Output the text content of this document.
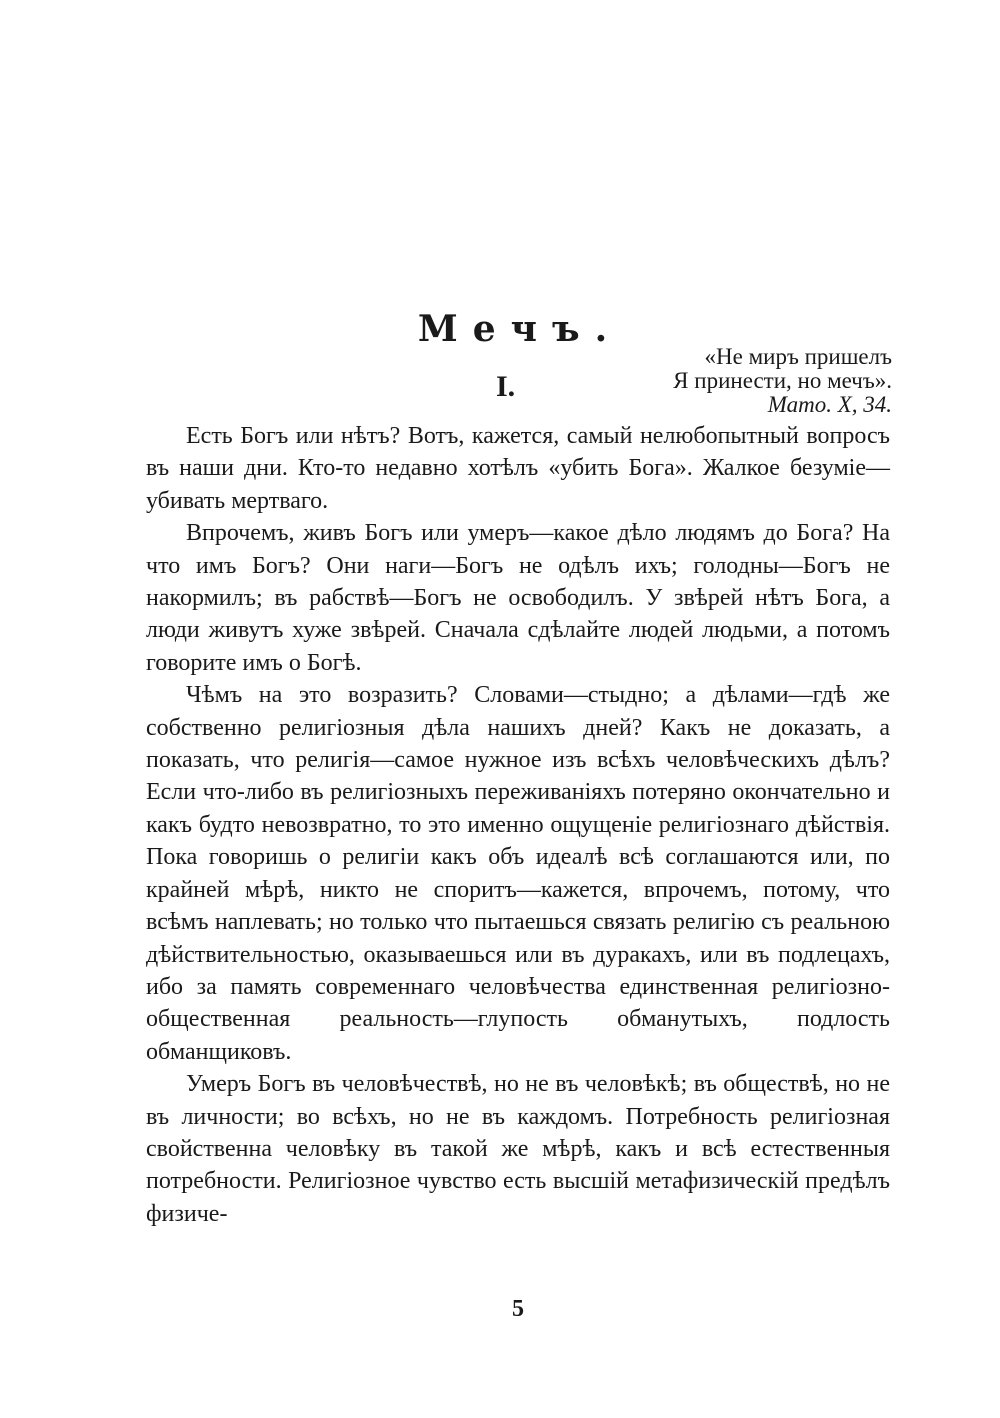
Мечъ.
«Не миръ пришелъ
Я принести, но мечъ».
Мато. X, 34.
I.

Есть Богъ или нѣтъ? Вотъ, кажется, самый нелюбопытный вопросъ въ наши дни. Кто-то недавно хотѣлъ «убить Бога». Жалкое безуміе—убивать мертваго.

Впрочемъ, живъ Богъ или умеръ—какое дѣло людямъ до Бога? На что имъ Богъ? Они наги—Богъ не одѣлъ ихъ; голодны—Богъ не накормилъ; въ рабствѣ—Богъ не освободилъ. У звѣрей нѣтъ Бога, а люди живутъ хуже звѣрей. Сначала сдѣлайте людей людьми, а потомъ говорите имъ о Богѣ.

Чѣмъ на это возразить? Словами—стыдно; а дѣлами—гдѣ же собственно религіозныя дѣла нашихъ дней? Какъ не доказать, а показать, что религія—самое нужное изъ всѣхъ человѣческихъ дѣлъ? Если что-либо въ религіозныхъ переживаніяхъ потеряно окончательно и какъ будто невозвратно, то это именно ощущеніе религіознаго дѣйствія. Пока говоришь о религіи какъ объ идеалѣ всѣ соглашаются или, по крайней мѣрѣ, никто не споритъ—кажется, впрочемъ, потому, что всѣмъ наплевать; но только что пытаешься связать религію съ реальною дѣйствительностью, оказываешься или въ дуракахъ, или въ подлецахъ, ибо за память современнаго человѣчества единственная религіозно-общественная реальность—глупость обманутыхъ, подлость обманщиковъ.

Умеръ Богъ въ человѣчествѣ, но не въ человѣкѣ; въ обществѣ, но не въ личности; во всѣхъ, но не въ каждомъ. Потребность религіозная свойственна человѣку въ такой же мѣрѣ, какъ и всѣ естественныя потребности. Религіозное чувство есть высшій метафизическій предѣлъ физиче-

5
